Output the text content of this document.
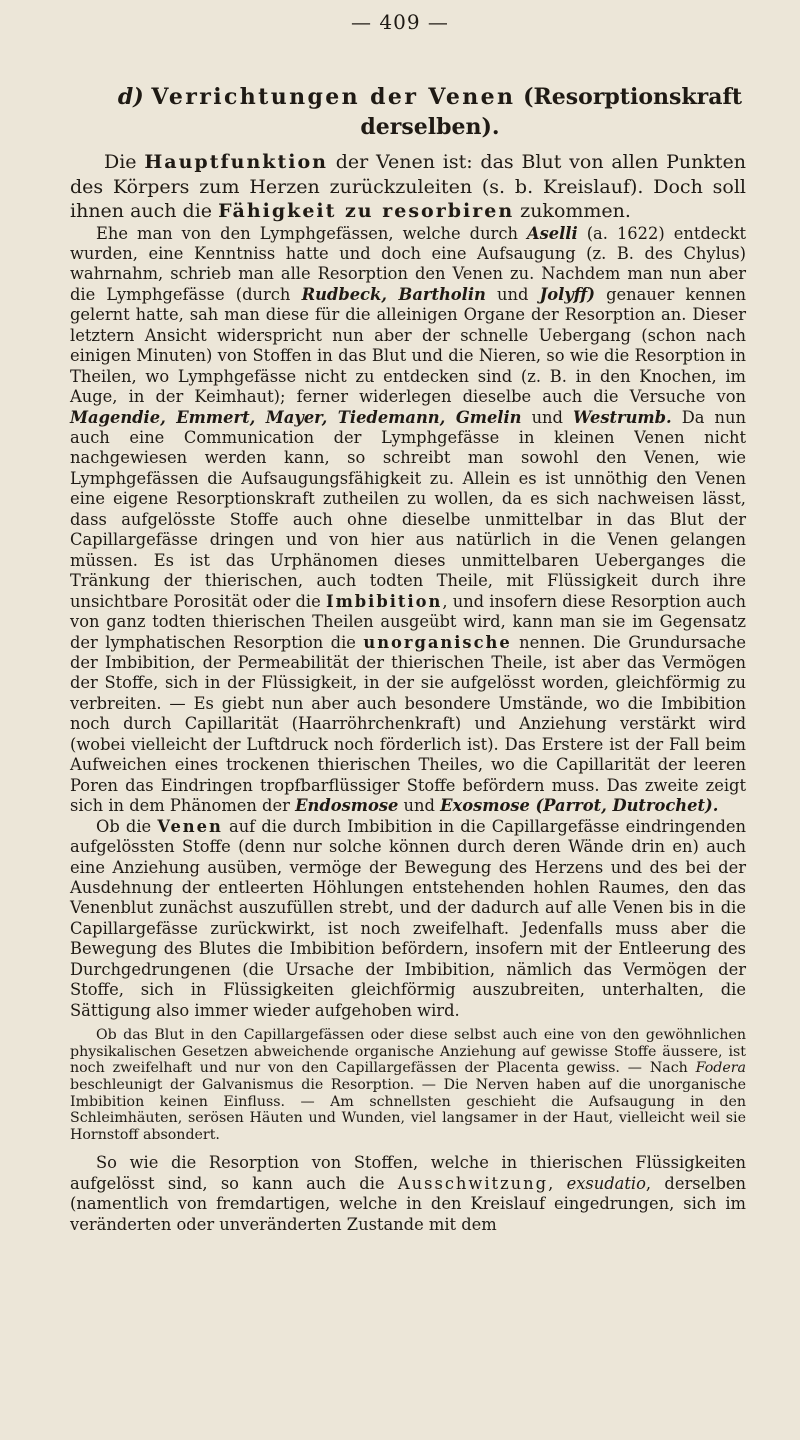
— 409 —
d) Verrichtungen der Venen (Resorptionskraft derselben).

Die Hauptfunktion der Venen ist: das Blut von allen Punkten des Körpers zum Herzen zurückzuleiten (s. b. Kreislauf). Doch soll ihnen auch die Fähigkeit zu resorbiren zukommen.

Ehe man von den Lymphgefässen, welche durch Aselli (a. 1622) entdeckt wurden, eine Kenntniss hatte und doch eine Aufsaugung (z. B. des Chylus) wahrnahm, schrieb man alle Resorption den Venen zu. Nachdem man nun aber die Lymphgefässe (durch Rudbeck, Bartholin und Jolyff) genauer kennen gelernt hatte, sah man diese für die alleinigen Organe der Resorption an. Dieser letztern Ansicht widerspricht nun aber der schnelle Uebergang (schon nach einigen Minuten) von Stoffen in das Blut und die Nieren, so wie die Resorption in Theilen, wo Lymphgefässe nicht zu entdecken sind (z. B. in den Knochen, im Auge, in der Keimhaut); ferner widerlegen dieselbe auch die Versuche von Magendie, Emmert, Mayer, Tiedemann, Gmelin und Westrumb. Da nun auch eine Communication der Lymphgefässe in kleinen Venen nicht nachgewiesen werden kann, so schreibt man sowohl den Venen, wie Lymphgefässen die Aufsaugungsfähigkeit zu. Allein es ist unnöthig den Venen eine eigene Resorptionskraft zutheilen zu wollen, da es sich nachweisen lässt, dass aufgelösste Stoffe auch ohne dieselbe unmittelbar in das Blut der Capillargefässe dringen und von hier aus natürlich in die Venen gelangen müssen. Es ist das Urphänomen dieses unmittelbaren Ueberganges die Tränkung der thierischen, auch todten Theile, mit Flüssigkeit durch ihre unsichtbare Porosität oder die Imbibition, und insofern diese Resorption auch von ganz todten thierischen Theilen ausgeübt wird, kann man sie im Gegensatz der lymphatischen Resorption die unorganische nennen. Die Grundursache der Imbibition, der Permeabilität der thierischen Theile, ist aber das Vermögen der Stoffe, sich in der Flüssigkeit, in der sie aufgelösst worden, gleichförmig zu verbreiten. — Es giebt nun aber auch besondere Umstände, wo die Imbibition noch durch Capillarität (Haarröhrchenkraft) und Anziehung verstärkt wird (wobei vielleicht der Luftdruck noch förderlich ist). Das Erstere ist der Fall beim Aufweichen eines trockenen thierischen Theiles, wo die Capillarität der leeren Poren das Eindringen tropfbarflüssiger Stoffe befördern muss. Das zweite zeigt sich in dem Phänomen der Endosmose und Exosmose (Parrot, Dutrochet).

Ob die Venen auf die durch Imbibition in die Capillargefässe eindringenden aufgelössten Stoffe (denn nur solche können durch deren Wände drin en) auch eine Anziehung ausüben, vermöge der Bewegung des Herzens und des bei der Ausdehnung der entleerten Höhlungen entstehenden hohlen Raumes, den das Venenblut zunächst auszufüllen strebt, und der dadurch auf alle Venen bis in die Capillargefässe zurückwirkt, ist noch zweifelhaft. Jedenfalls muss aber die Bewegung des Blutes die Imbibition befördern, insofern mit der Entleerung des Durchgedrungenen (die Ursache der Imbibition, nämlich das Vermögen der Stoffe, sich in Flüssigkeiten gleichförmig auszubreiten, unterhalten, die Sättigung also immer wieder aufgehoben wird.

Ob das Blut in den Capillargefässen oder diese selbst auch eine von den gewöhnlichen physikalischen Gesetzen abweichende organische Anziehung auf gewisse Stoffe äussere, ist noch zweifelhaft und nur von den Capillargefässen der Placenta gewiss. — Nach Fodera beschleunigt der Galvanismus die Resorption. — Die Nerven haben auf die unorganische Imbibition keinen Einfluss. — Am schnellsten geschieht die Aufsaugung in den Schleimhäuten, serösen Häuten und Wunden, viel langsamer in der Haut, vielleicht weil sie Hornstoff absondert.

So wie die Resorption von Stoffen, welche in thierischen Flüssigkeiten aufgelösst sind, so kann auch die Ausschwitzung, exsudatio, derselben (namentlich von fremdartigen, welche in den Kreislauf eingedrungen, sich im veränderten oder unveränderten Zustande mit dem
